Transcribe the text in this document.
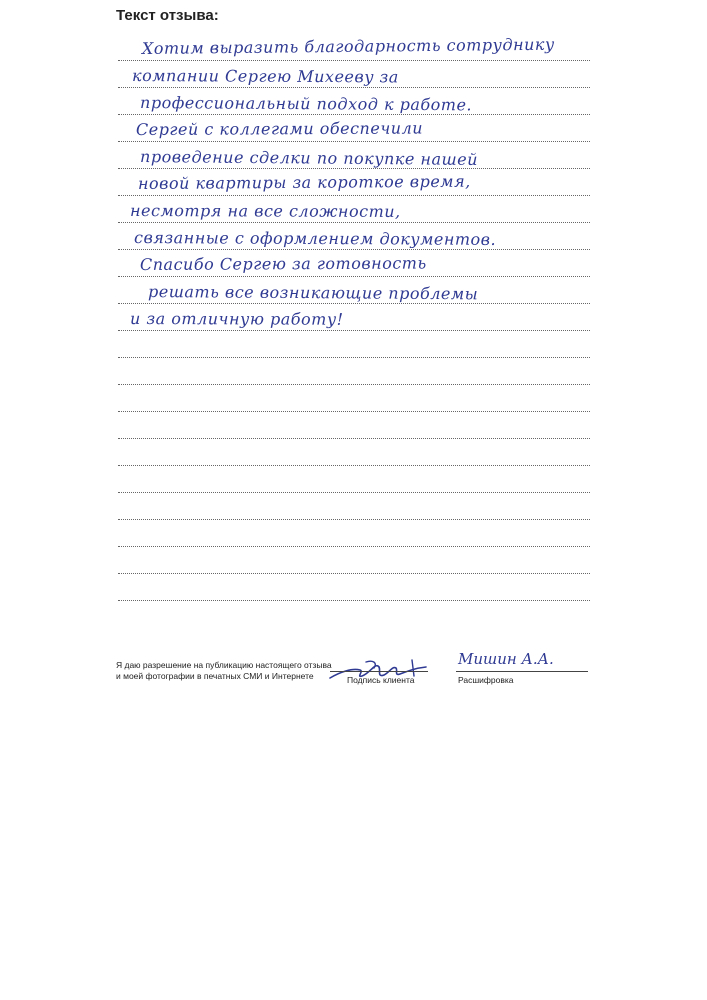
Текст отзыва:
Хотим выразить благодарность сотруднику
компании Сергею Михееву за
профессиональный подход к работе.
Сергей с коллегами обеспечили
проведение сделки по покупке нашей
новой квартиры за короткое время,
несмотря на все сложности,
связанные с оформлением документов.
Спасибо Сергею за готовность
решать все возникающие проблемы
и за отличную работу!
Я даю разрешение на публикацию настоящего отзыва
и моей фотографии в печатных СМИ и Интернете	Подпись клиента
Мишин А.А.
Расшифровка
